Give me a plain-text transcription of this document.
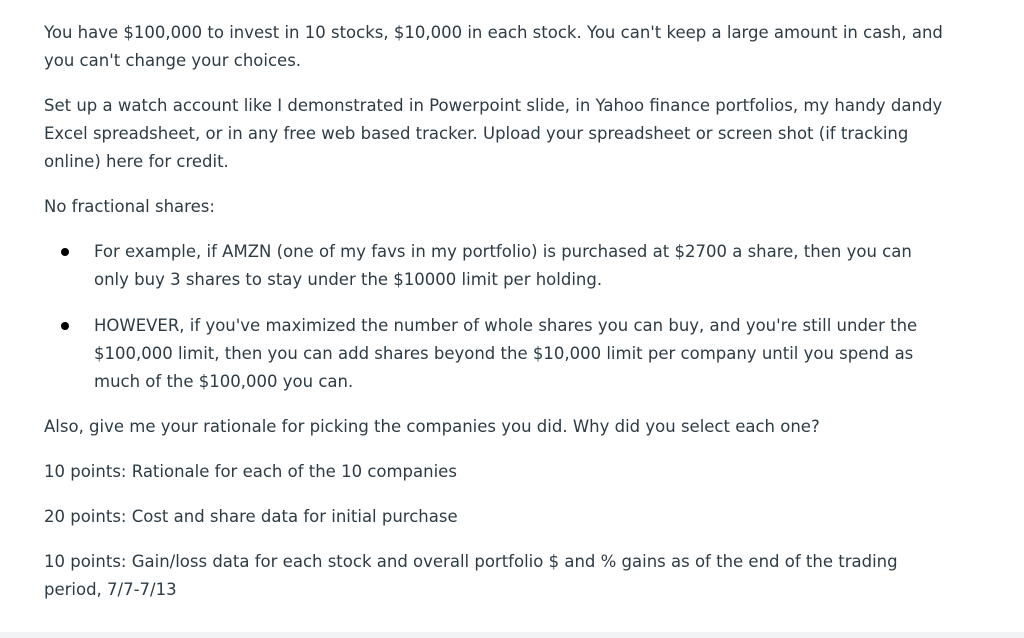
You have $100,000 to invest in 10 stocks, $10,000 in each stock. You can't keep a large amount in cash, and you can't change your choices.

Set up a watch account like I demonstrated in Powerpoint slide, in Yahoo finance portfolios, my handy dandy Excel spreadsheet, or in any free web based tracker. Upload your spreadsheet or screen shot (if tracking online) here for credit.

No fractional shares:

For example, if AMZN (one of my favs in my portfolio) is purchased at $2700 a share, then you can only buy 3 shares to stay under the $10000 limit per holding.
HOWEVER, if you've maximized the number of whole shares you can buy, and you're still under the $100,000 limit, then you can add shares beyond the $10,000 limit per company until you spend as much of the $100,000 you can.

Also, give me your rationale for picking the companies you did. Why did you select each one?

10 points: Rationale for each of the 10 companies

20 points: Cost and share data for initial purchase

10 points: Gain/loss data for each stock and overall portfolio $ and % gains as of the end of the trading period, 7/7-7/13
